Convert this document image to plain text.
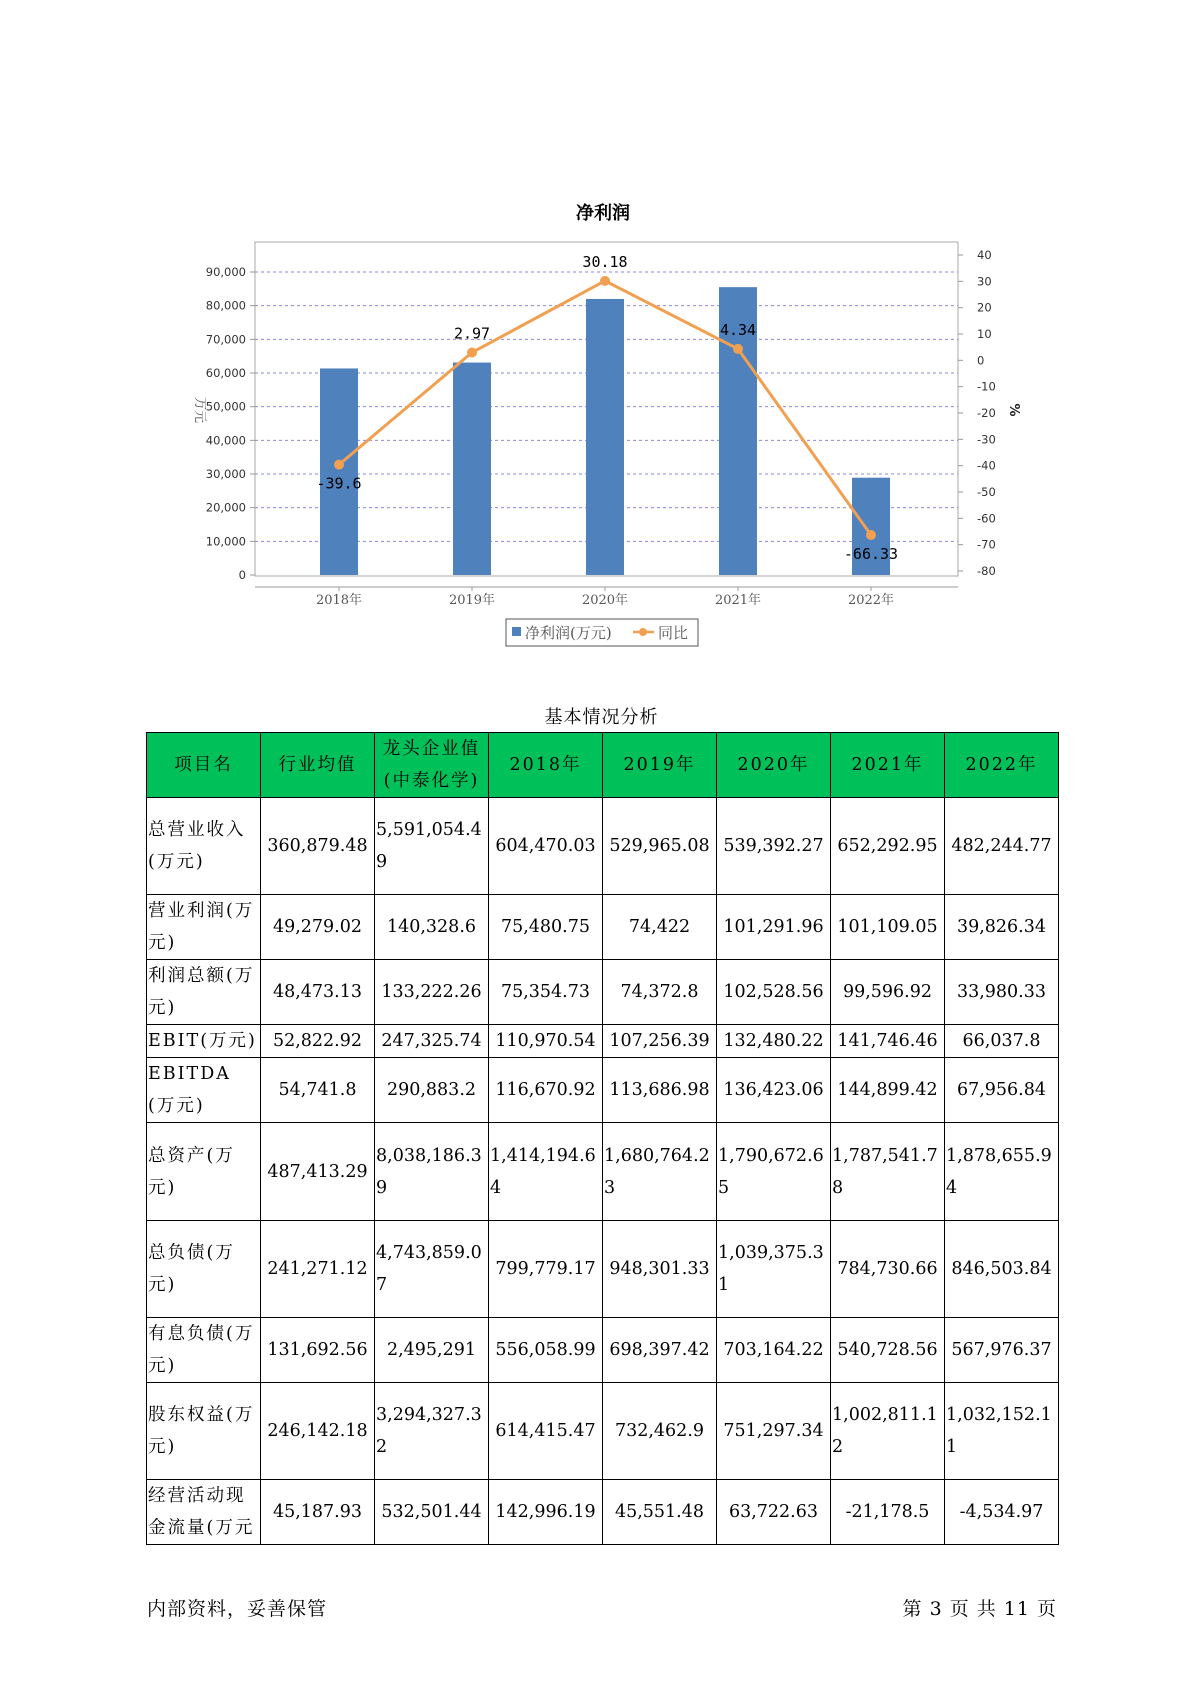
净利润
万元	%
-39.6
2.97
30.18
4.34
-66.33
0
10,000
20,000
30,000
40,000
50,000
60,000
70,000
80,000
90,000
-80
-70
-60
-50
-40
-30
-20
-10
0
10
20
30
40
2018年	2019年	2020年	2021年	2022年
净利润(万元)	同比
基本情况分析
项目名	行业均值	龙头企业值(中泰化学)	2018年	2019年	2020年	2021年	2022年
总营业收入(万元)	360,879.48	5,591,054.49	604,470.03	529,965.08	539,392.27	652,292.95	482,244.77
营业利润(万元)	49,279.02	140,328.6	75,480.75	74,422	101,291.96	101,109.05	39,826.34
利润总额(万元)	48,473.13	133,222.26	75,354.73	74,372.8	102,528.56	99,596.92	33,980.33
EBIT(万元)	52,822.92	247,325.74	110,970.54	107,256.39	132,480.22	141,746.46	66,037.8
EBITDA(万元)	54,741.8	290,883.2	116,670.92	113,686.98	136,423.06	144,899.42	67,956.84
总资产(万元)	487,413.29	8,038,186.39	1,414,194.64	1,680,764.23	1,790,672.65	1,787,541.78	1,878,655.94
总负债(万元)	241,271.12	4,743,859.07	799,779.17	948,301.33	1,039,375.31	784,730.66	846,503.84
有息负债(万元)	131,692.56	2,495,291	556,058.99	698,397.42	703,164.22	540,728.56	567,976.37
股东权益(万元)	246,142.18	3,294,327.32	614,415.47	732,462.9	751,297.34	1,002,811.12	1,032,152.11
经营活动现金流量(万元	45,187.93	532,501.44	142,996.19	45,551.48	63,722.63	-21,178.5	-4,534.97
内部资料，妥善保管	第 3 页 共 11 页
